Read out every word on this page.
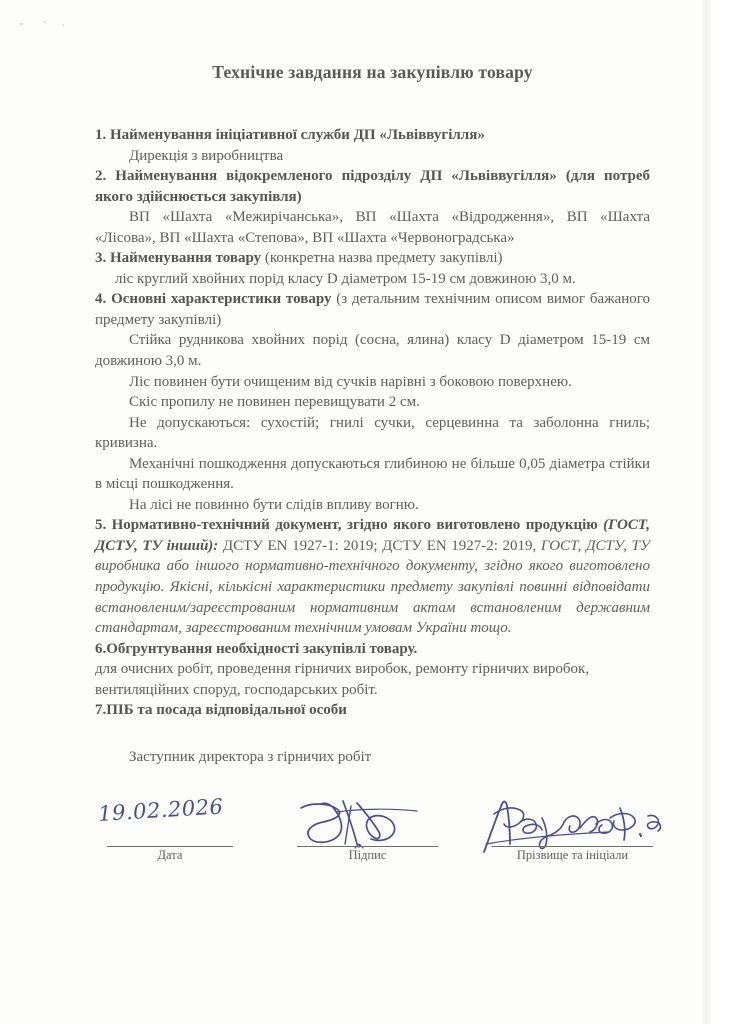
Технічне завдання на закупівлю товару

1. Найменування ініціативної служби ДП «Львіввугілля»

Дирекція з виробництва

2. Найменування відокремленого підрозділу ДП «Львіввугілля» (для потреб якого здійснюється закупівля)

ВП «Шахта «Межирічанська», ВП «Шахта «Відродження», ВП «Шахта «Лісова», ВП «Шахта «Степова», ВП «Шахта «Червоноградська»

3. Найменування товару (конкретна назва предмету закупівлі)

ліс круглий хвойних порід класу D діаметром 15-19 см довжиною 3,0 м.

4. Основні характеристики товару (з детальним технічним описом вимог бажаного предмету закупівлі)

Стійка рудникова хвойних порід (сосна, ялина) класу D діаметром 15-19 см довжиною 3,0 м.

Ліс повинен бути очищеним від сучків нарівні з боковою поверхнею.

Скіс пропилу не повинен перевищувати 2 см.

Не допускаються: сухостій; гнилі сучки, серцевинна та заболонна гниль; кривизна.

Механічні пошкодження допускаються глибиною не більше 0,05 діаметра стійки в місці пошкодження.

На лісі не повинно бути слідів впливу вогню.

5. Нормативно-технічний документ, згідно якого виготовлено продукцію (ГОСТ, ДСТУ, ТУ інший): ДСТУ EN 1927-1: 2019; ДСТУ EN 1927-2: 2019, ГОСТ, ДСТУ, ТУ виробника або іншого нормативно-технічного документу, згідно якого виготовлено продукцію. Якісні, кількісні характеристики предмету закупівлі повинні відповідати встановленим/зареєстрованим нормативним актам встановленим державним стандартам, зареєстрованим технічним умовам України тощо.

6.Обгрунтування необхідності закупівлі товару.

для очисних робіт, проведення гірничих виробок, ремонту гірничих виробок, вентиляційних споруд, господарських робіт.

7.ПІБ та посада відповідальної особи

Заступник директора з гірничих робіт

19.02.2026
Дата	Підпис	Прізвище та ініціали
